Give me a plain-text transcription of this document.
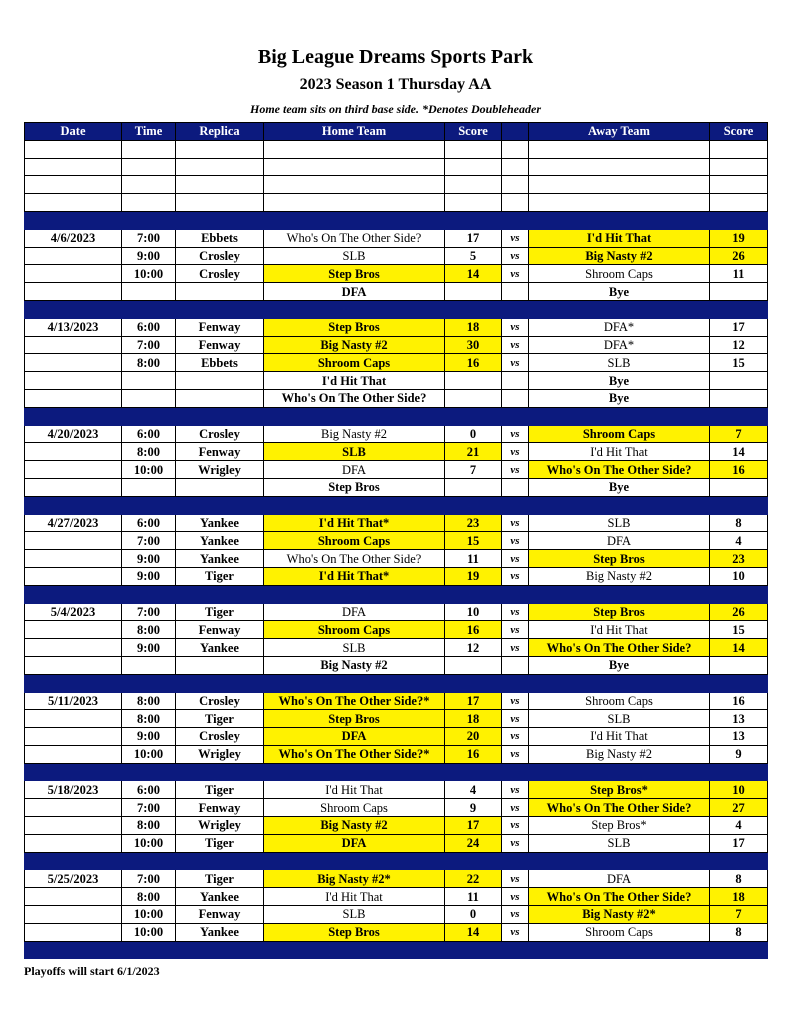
Big League Dreams Sports Park
2023 Season 1 Thursday AA
Home team sits on third base side. *Denotes Doubleheader
Date	Time	Replica	Home Team	Score		Away Team	Score

4/6/2023	7:00	Ebbets	Who's On The Other Side?	17	vs	I'd Hit That	19
	9:00	Crosley	SLB	5	vs	Big Nasty #2	26
	10:00	Crosley	Step Bros	14	vs	Shroom Caps	11
			DFA			Bye	

4/13/2023	6:00	Fenway	Step Bros	18	vs	DFA*	17
	7:00	Fenway	Big Nasty #2	30	vs	DFA*	12
	8:00	Ebbets	Shroom Caps	16	vs	SLB	15
			I'd Hit That			Bye	
			Who's On The Other Side?			Bye	

4/20/2023	6:00	Crosley	Big Nasty #2	0	vs	Shroom Caps	7
	8:00	Fenway	SLB	21	vs	I'd Hit That	14
	10:00	Wrigley	DFA	7	vs	Who's On The Other Side?	16
			Step Bros			Bye	

4/27/2023	6:00	Yankee	I'd Hit That*	23	vs	SLB	8
	7:00	Yankee	Shroom Caps	15	vs	DFA	4
	9:00	Yankee	Who's On The Other Side?	11	vs	Step Bros	23
	9:00	Tiger	I'd Hit That*	19	vs	Big Nasty #2	10

5/4/2023	7:00	Tiger	DFA	10	vs	Step Bros	26
	8:00	Fenway	Shroom Caps	16	vs	I'd Hit That	15
	9:00	Yankee	SLB	12	vs	Who's On The Other Side?	14
			Big Nasty #2			Bye	

5/11/2023	8:00	Crosley	Who's On The Other Side?*	17	vs	Shroom Caps	16
	8:00	Tiger	Step Bros	18	vs	SLB	13
	9:00	Crosley	DFA	20	vs	I'd Hit That	13
	10:00	Wrigley	Who's On The Other Side?*	16	vs	Big Nasty #2	9

5/18/2023	6:00	Tiger	I'd Hit That	4	vs	Step Bros*	10
	7:00	Fenway	Shroom Caps	9	vs	Who's On The Other Side?	27
	8:00	Wrigley	Big Nasty #2	17	vs	Step Bros*	4
	10:00	Tiger	DFA	24	vs	SLB	17

5/25/2023	7:00	Tiger	Big Nasty #2*	22	vs	DFA	8
	8:00	Yankee	I'd Hit That	11	vs	Who's On The Other Side?	18
	10:00	Fenway	SLB	0	vs	Big Nasty #2*	7
	10:00	Yankee	Step Bros	14	vs	Shroom Caps	8

Playoffs will start 6/1/2023
